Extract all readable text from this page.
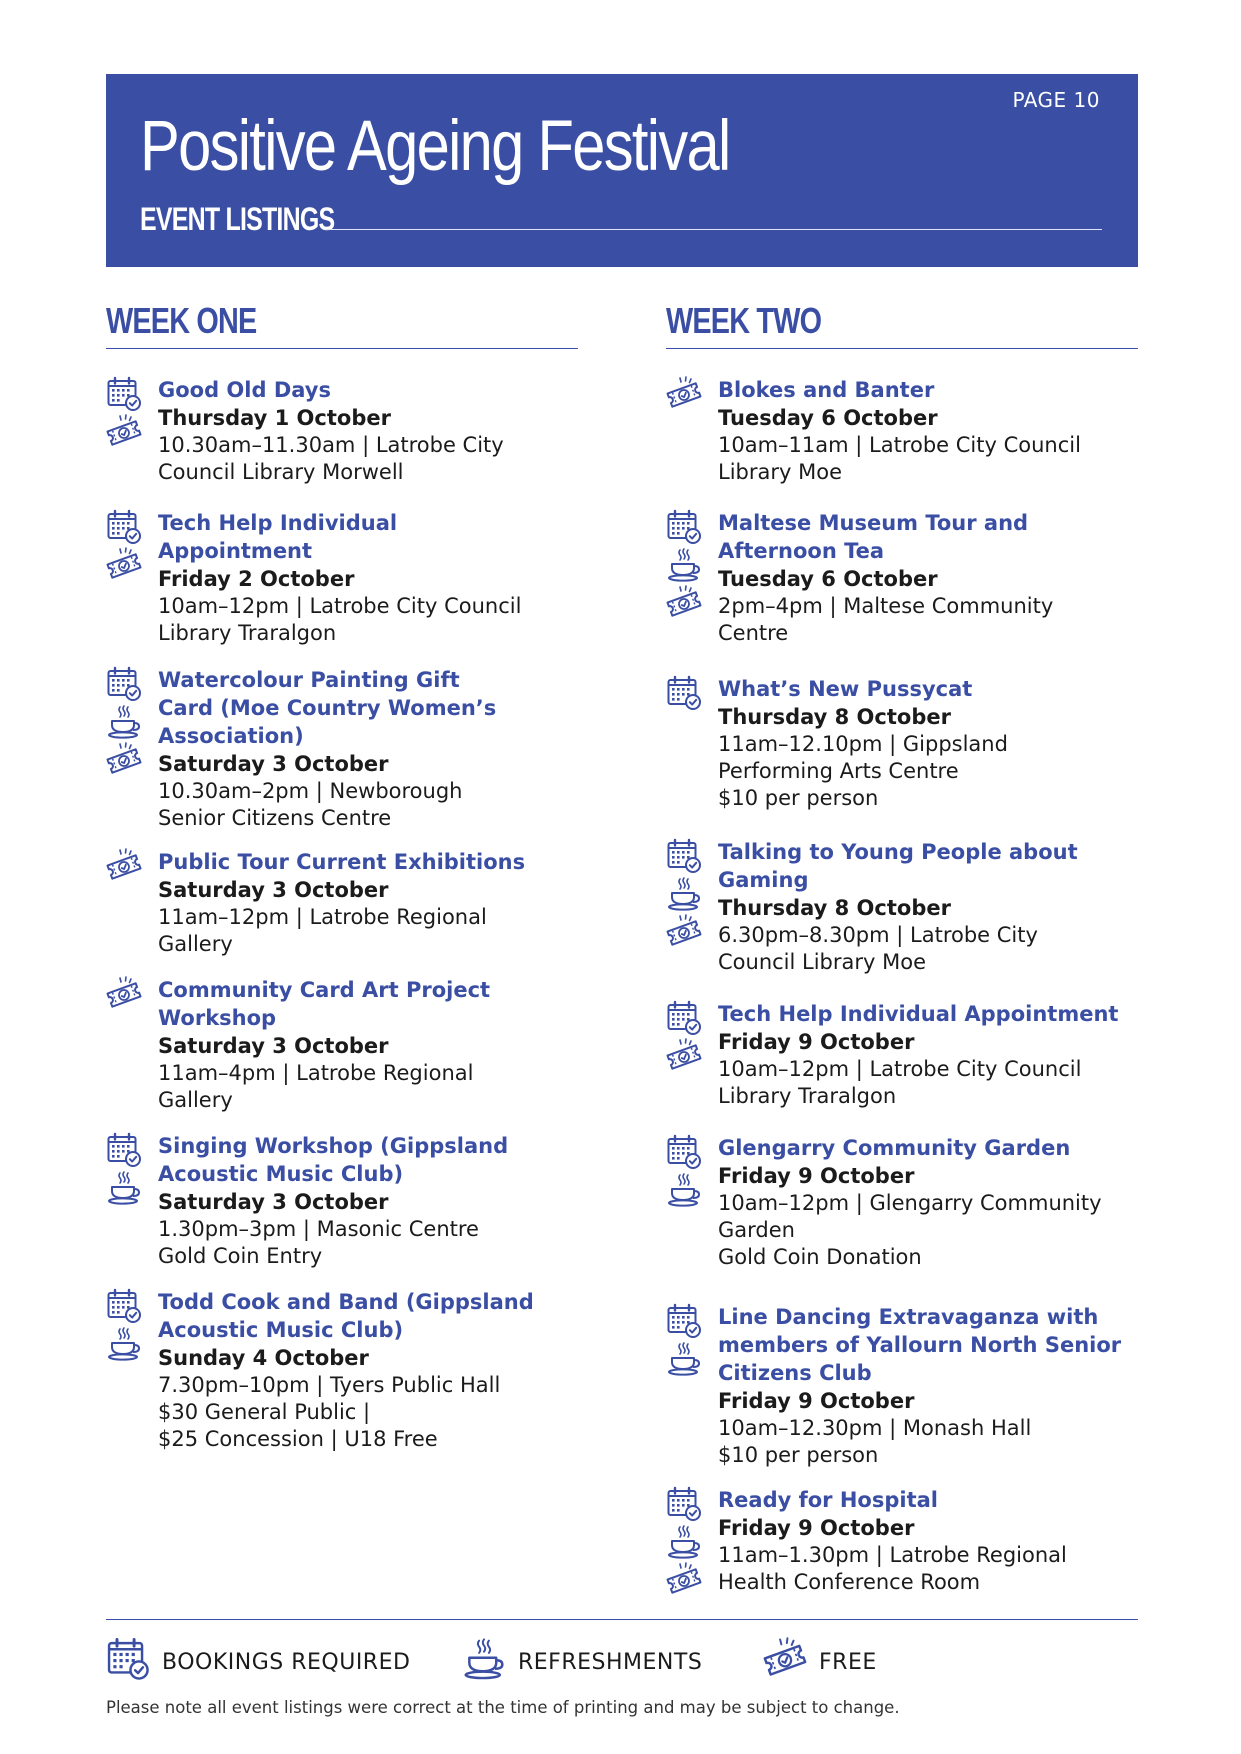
PAGE 10
Positive Ageing Festival
EVENT LISTINGS
WEEK ONE
Good Old Days
Thursday 1 October
10.30am–11.30am | Latrobe City
Council Library Morwell
Tech Help Individual
Appointment
Friday 2 October
10am–12pm | Latrobe City Council
Library Traralgon
Watercolour Painting Gift
Card (Moe Country Women’s
Association)
Saturday 3 October
10.30am–2pm | Newborough
Senior Citizens Centre
Public Tour Current Exhibitions
Saturday 3 October
11am–12pm | Latrobe Regional
Gallery
Community Card Art Project
Workshop
Saturday 3 October
11am–4pm | Latrobe Regional
Gallery
Singing Workshop (Gippsland
Acoustic Music Club)
Saturday 3 October
1.30pm–3pm | Masonic Centre
Gold Coin Entry
Todd Cook and Band (Gippsland
Acoustic Music Club)
Sunday 4 October
7.30pm–10pm | Tyers Public Hall
$30 General Public |
$25 Concession | U18 Free
WEEK TWO
Blokes and Banter
Tuesday 6 October
10am–11am | Latrobe City Council
Library Moe
Maltese Museum Tour and
Afternoon Tea
Tuesday 6 October
2pm–4pm | Maltese Community
Centre
What’s New Pussycat
Thursday 8 October
11am–12.10pm | Gippsland
Performing Arts Centre
$10 per person
Talking to Young People about
Gaming
Thursday 8 October
6.30pm–8.30pm | Latrobe City
Council Library Moe
Tech Help Individual Appointment
Friday 9 October
10am–12pm | Latrobe City Council
Library Traralgon
Glengarry Community Garden
Friday 9 October
10am–12pm | Glengarry Community
Garden
Gold Coin Donation
Line Dancing Extravaganza with
members of Yallourn North Senior
Citizens Club
Friday 9 October
10am–12.30pm | Monash Hall
$10 per person
Ready for Hospital
Friday 9 October
11am–1.30pm | Latrobe Regional
Health Conference Room
BOOKINGS REQUIRED	REFRESHMENTS	FREE
Please note all event listings were correct at the time of printing and may be subject to change.
